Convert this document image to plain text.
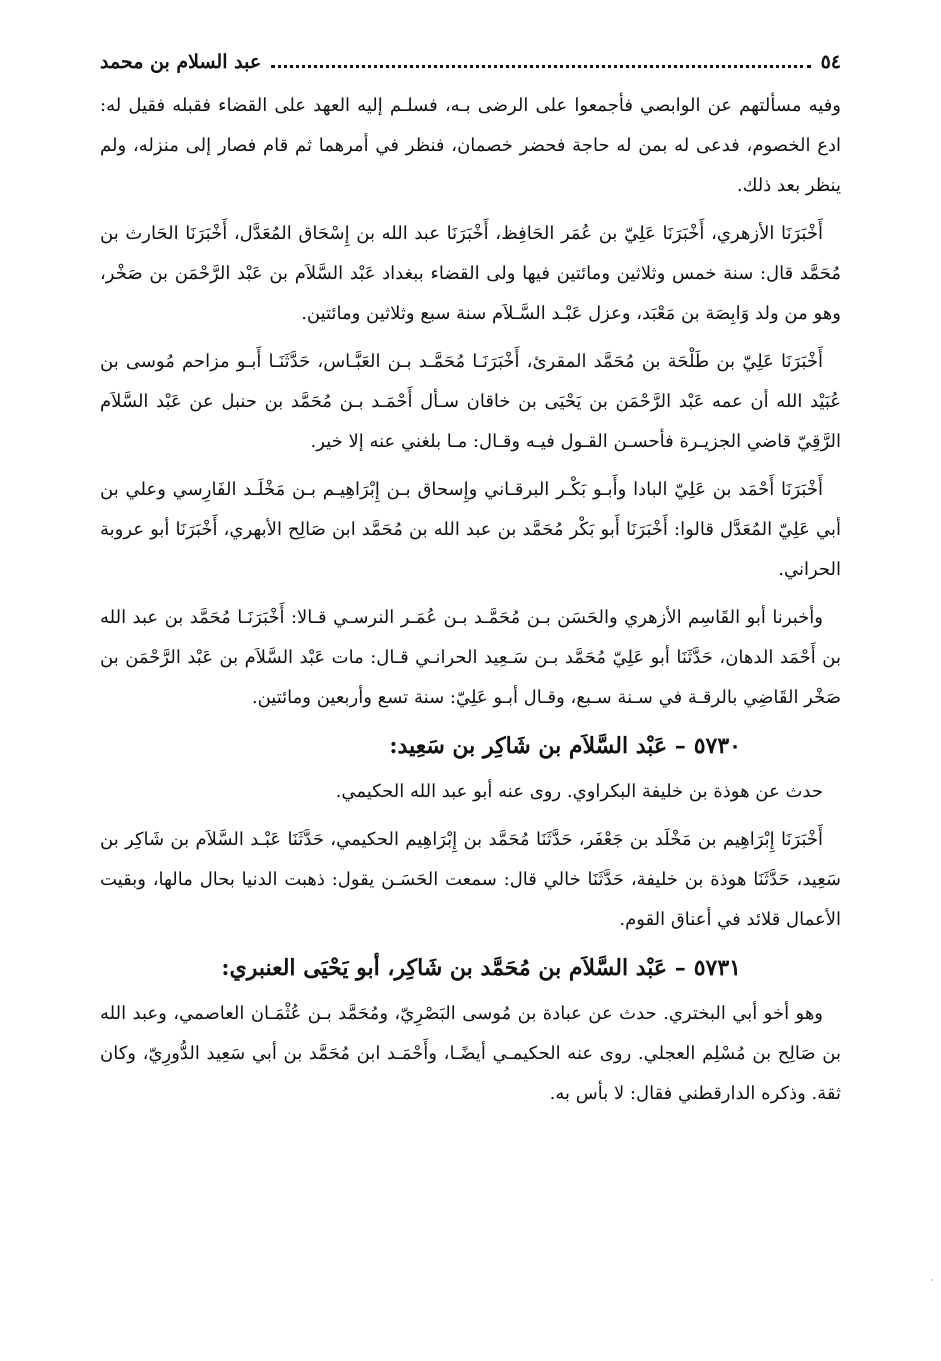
٥٤
عبد السلام بن محمد

وفيه مسألتهم عن الوابصي فأجمعوا على الرضى بـه، فسلـم إليه العهد على القضاء فقبله فقيل له: ادع الخصوم، فدعى له بمن له حاجة فحضر خصمان، فنظر في أمرهما ثم قام فصار إلى منزله، ولم ينظر بعد ذلك.

أَخْبَرَنَا الأزهري، أَخْبَرَنَا عَلِيّ بن عُمَر الحَافِظ، أَخْبَرَنَا عبد الله بن إِسْحَاق المُعَدَّل، أَخْبَرَنَا الحَارث بن مُحَمَّد قال: سنة خمس وثلاثين ومائتين فيها ولى القضاء ببغداد عَبْد السَّلاَم بن عَبْد الرَّحْمَن بن صَخْر، وهو من ولد وَابِصَة بن مَعْبَد، وعزل عَبْـد السَّـلاَم سنة سبع وثلاثين ومائتين.

أَخْبَرَنَا عَلِيّ بن طَلْحَة بن مُحَمَّد المقرئ، أَخْبَرَنَـا مُحَمَّـد بـن العَبَّـاس، حَدَّثَنَـا أَبـو مزاحم مُوسى بن عُبَيْد الله أن عمه عَبْد الرَّحْمَن بن يَحْيَى بن خاقان سـأل أَحْمَـد بـن مُحَمَّد بن حنبل عن عَبْد السَّلاَم الرَّقِيّ قاضي الجزيـرة فأحسـن القـول فيـه وقـال: مـا بلغني عنه إلا خير.

أَخْبَرَنَا أَحْمَد بن عَلِيّ البادا وأَبـو بَكْـر البرقـاني وإِسحاق بـن إِبْرَاهِيـم بـن مَخْلَـد الفَارِسي وعلي بن أبي عَلِيّ المُعَدَّل قالوا: أَخْبَرَنَا أَبو بَكْر مُحَمَّد بن عبد الله بن مُحَمَّد ابن صَالِح الأبهري، أَخْبَرَنَا أبو عروبة الحراني.

وأخبرنا أبو القَاسِم الأزهري والحَسَن بـن مُحَمَّـد بـن عُمَـر النرسـي قـالا: أَخْبَرَنَـا مُحَمَّد بن عبد الله بن أَحْمَد الدهان، حَدَّثَنَا أبو عَلِيّ مُحَمَّد بـن سَـعِيد الحرانـي قـال: مات عَبْد السَّلاَم بن عَبْد الرَّحْمَن بن صَخْر القَاضِي بالرقـة في سـنة سـبع، وقـال أبـو عَلِيّ: سنة تسع وأربعين ومائتين.

٥٧٣٠– عَبْد السَّلاَم بن شَاكِر بن سَعِيد:

حدث عن هوذة بن خليفة البكراوي. روى عنه أبو عبد الله الحكيمي.

أَخْبَرَنَا إِبْرَاهِيم بن مَخْلَد بن جَعْفَر، حَدَّثَنَا مُحَمَّد بن إِبْرَاهِيم الحكيمي، حَدَّثَنَا عَبْـد السَّلاَم بن شَاكِر بن سَعِيد، حَدَّثَنَا هوذة بن خليفة، حَدَّثَنَا خالي قال: سمعت الحَسَـن يقول: ذهبت الدنيا بحال مالها، وبقيت الأعمال قلائد في أعناق القوم.

٥٧٣١– عَبْد السَّلاَم بن مُحَمَّد بن شَاكِر، أبو يَحْيَى العنبري:

وهو أخو أبي البختري. حدث عن عبادة بن مُوسى البَصْرِيّ، ومُحَمَّد بـن عُثْمَـان العاصمي، وعبد الله بن صَالِح بن مُسْلِم العجلي. روى عنه الحكيمـي أيضًـا، وأَحْمَـد ابن مُحَمَّد بن أبي سَعِيد الدُّورِيّ، وكان ثقة. وذكره الدارقطني فقال: لا بأس به.
